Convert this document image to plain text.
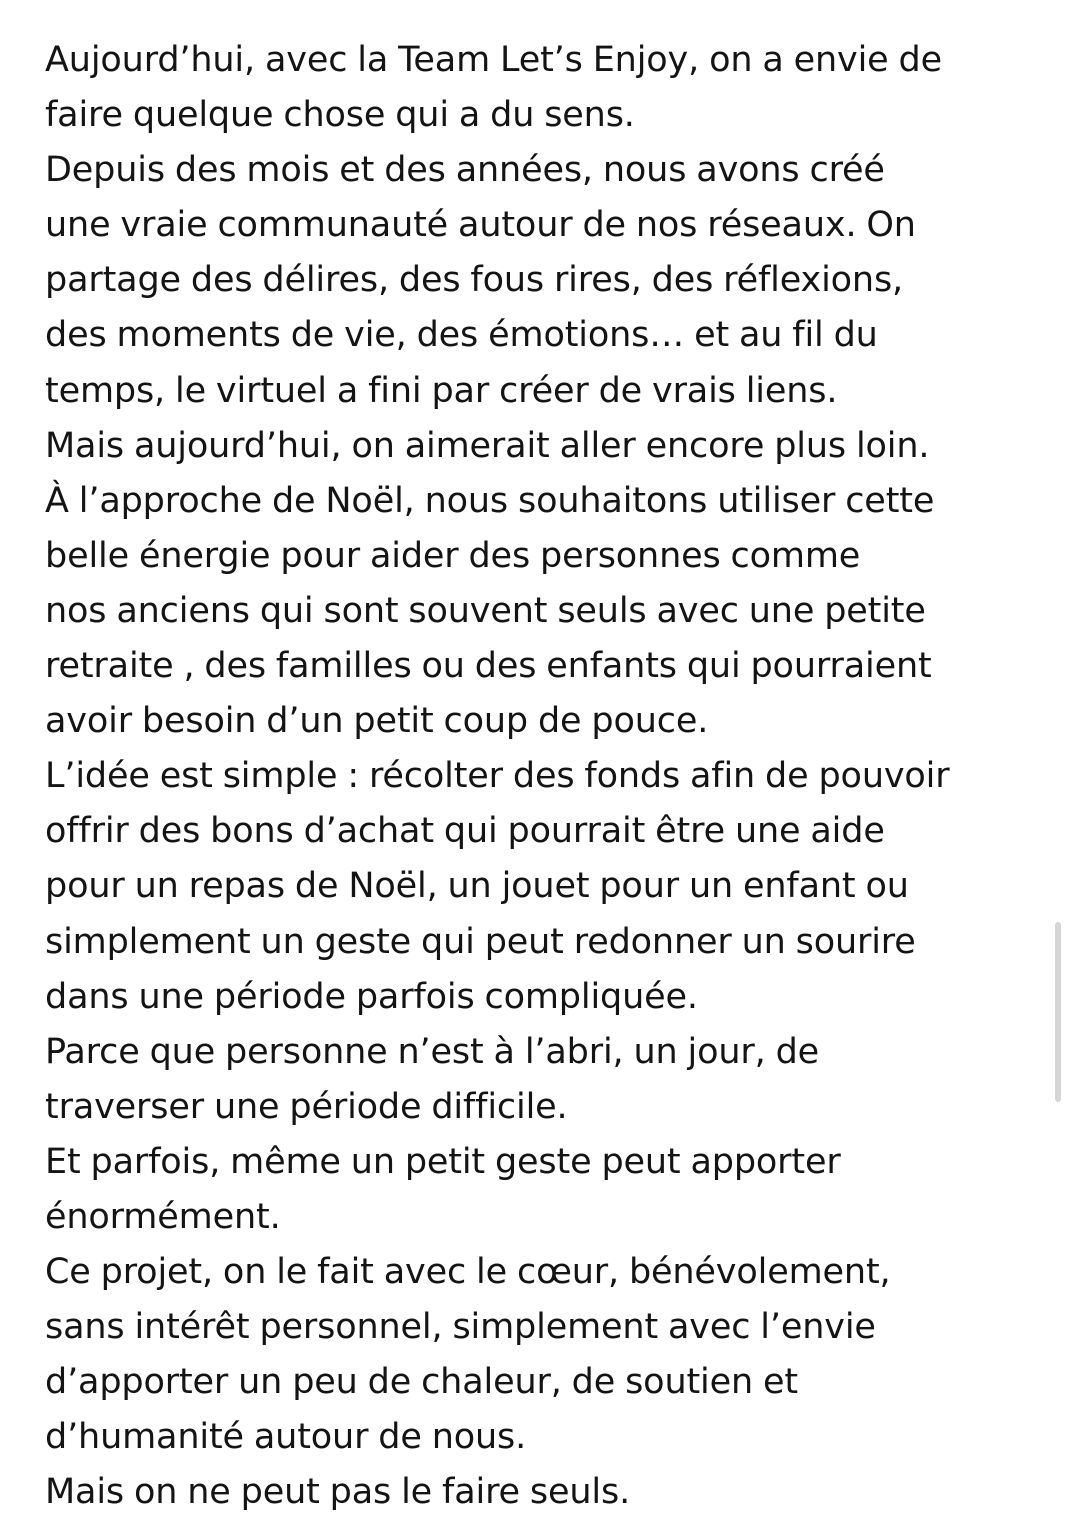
Aujourd’hui, avec la Team Let’s Enjoy, on a envie de
faire quelque chose qui a du sens.
Depuis des mois et des années, nous avons créé
une vraie communauté autour de nos réseaux. On
partage des délires, des fous rires, des réflexions,
des moments de vie, des émotions… et au fil du
temps, le virtuel a fini par créer de vrais liens.
Mais aujourd’hui, on aimerait aller encore plus loin.
À l’approche de Noël, nous souhaitons utiliser cette
belle énergie pour aider des personnes comme
nos anciens qui sont souvent seuls avec une petite
retraite , des familles ou des enfants qui pourraient
avoir besoin d’un petit coup de pouce.
L’idée est simple : récolter des fonds afin de pouvoir
offrir des bons d’achat qui pourrait être une aide
pour un repas de Noël, un jouet pour un enfant ou
simplement un geste qui peut redonner un sourire
dans une période parfois compliquée.
Parce que personne n’est à l’abri, un jour, de
traverser une période difficile.
Et parfois, même un petit geste peut apporter
énormément.
Ce projet, on le fait avec le cœur, bénévolement,
sans intérêt personnel, simplement avec l’envie
d’apporter un peu de chaleur, de soutien et
d’humanité autour de nous.
Mais on ne peut pas le faire seuls.
